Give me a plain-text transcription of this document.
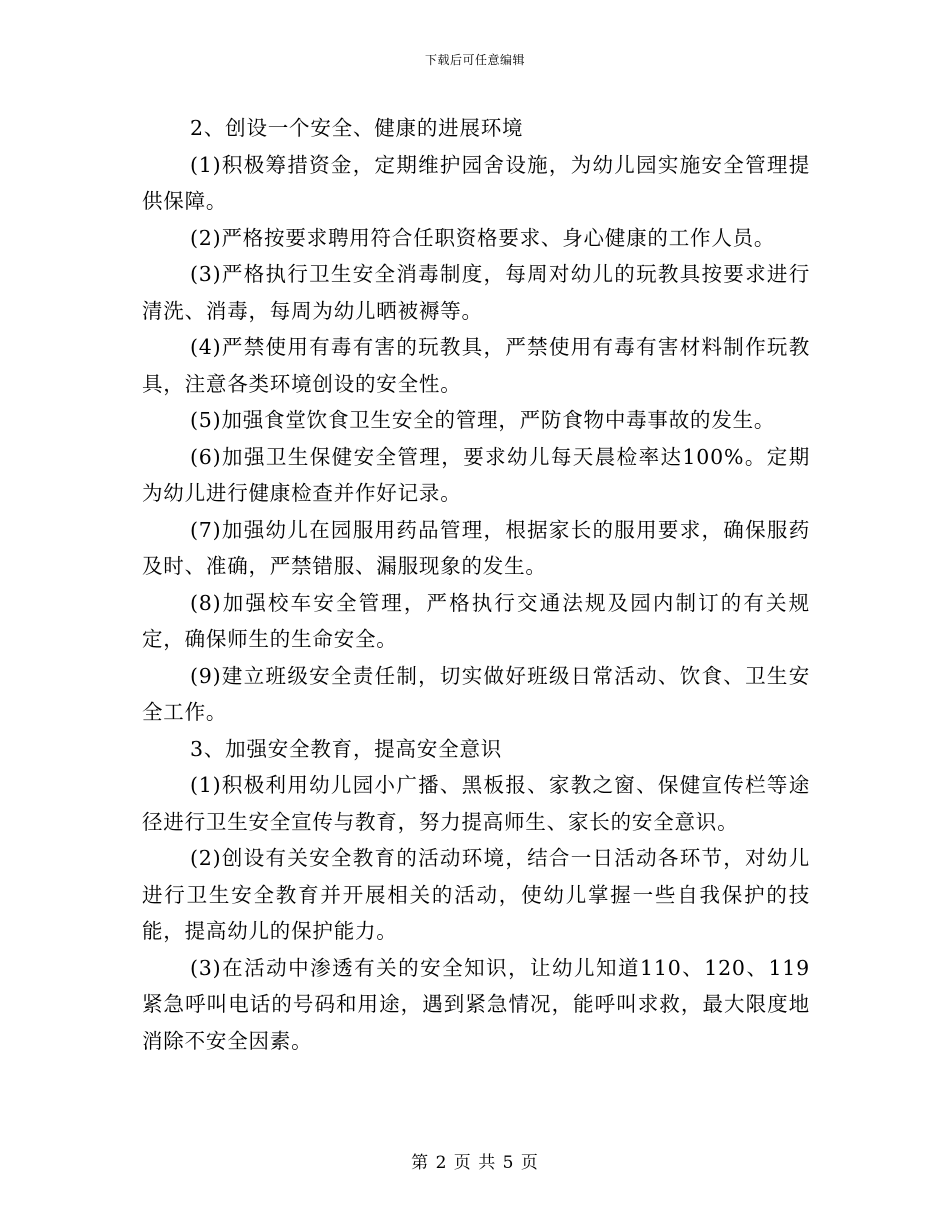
下载后可任意编辑

2、创设一个安全、健康的进展环境

(1)积极筹措资金，定期维护园舍设施，为幼儿园实施安全管理提供保障。

(2)严格按要求聘用符合任职资格要求、身心健康的工作人员。

(3)严格执行卫生安全消毒制度，每周对幼儿的玩教具按要求进行清洗、消毒，每周为幼儿晒被褥等。

(4)严禁使用有毒有害的玩教具，严禁使用有毒有害材料制作玩教具，注意各类环境创设的安全性。

(5)加强食堂饮食卫生安全的管理，严防食物中毒事故的发生。

(6)加强卫生保健安全管理，要求幼儿每天晨检率达100%。定期为幼儿进行健康检查并作好记录。

(7)加强幼儿在园服用药品管理，根据家长的服用要求，确保服药及时、准确，严禁错服、漏服现象的发生。

(8)加强校车安全管理，严格执行交通法规及园内制订的有关规定，确保师生的生命安全。

(9)建立班级安全责任制，切实做好班级日常活动、饮食、卫生安全工作。

3、加强安全教育，提高安全意识

(1)积极利用幼儿园小广播、黑板报、家教之窗、保健宣传栏等途径进行卫生安全宣传与教育，努力提高师生、家长的安全意识。

(2)创设有关安全教育的活动环境，结合一日活动各环节，对幼儿进行卫生安全教育并开展相关的活动，使幼儿掌握一些自我保护的技能，提高幼儿的保护能力。

(3)在活动中渗透有关的安全知识，让幼儿知道110、120、119紧急呼叫电话的号码和用途，遇到紧急情况，能呼叫求救，最大限度地消除不安全因素。

第 2 页 共 5 页
